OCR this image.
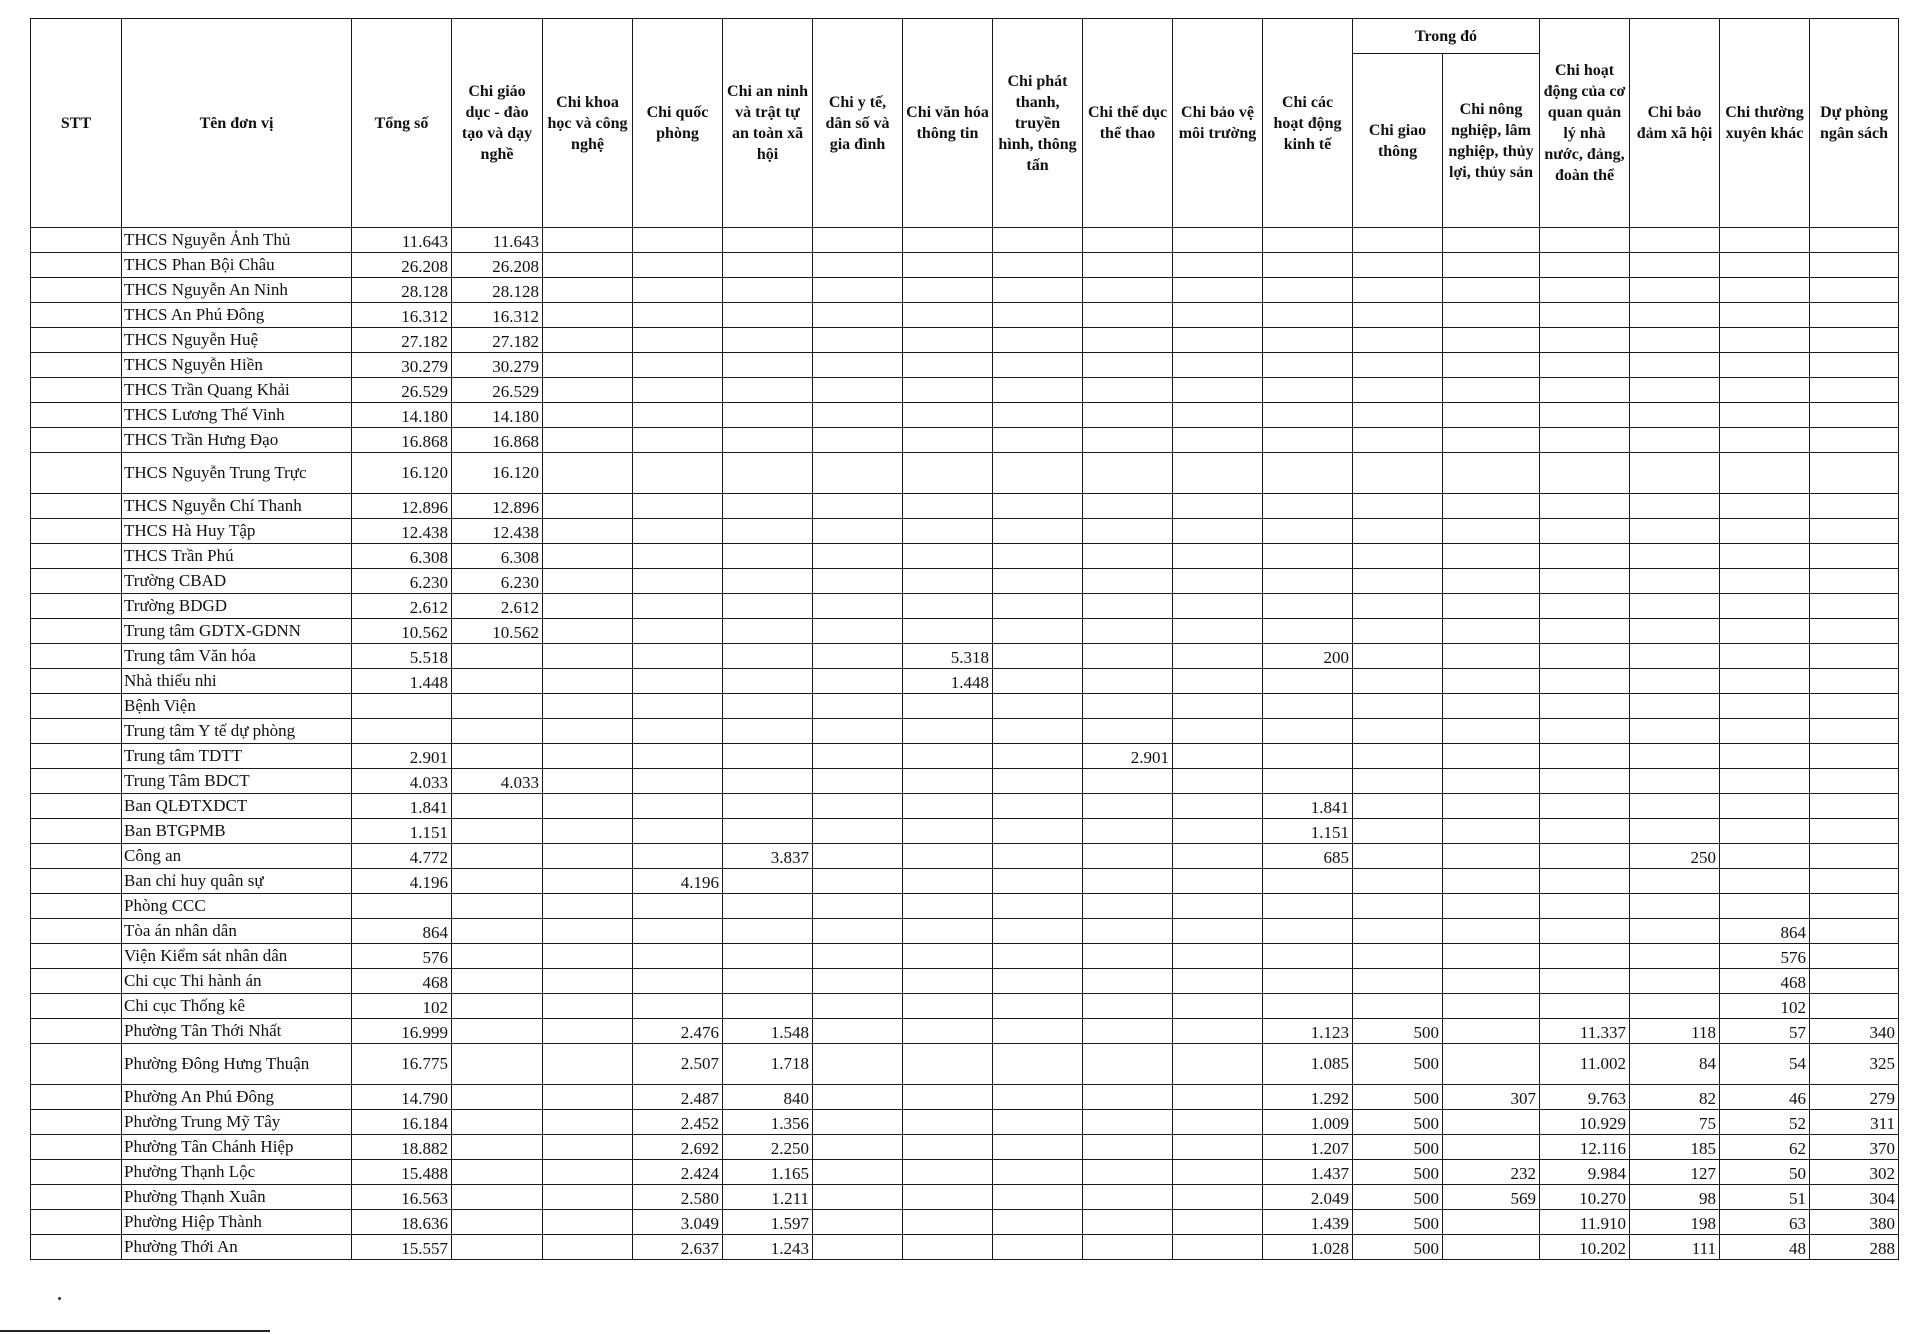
STT	Tên đơn vị	Tổng số	Chi giáo dục - đào tạo và dạy nghề	Chi khoa học và công nghệ	Chi quốc phòng	Chi an ninh và trật tự an toàn xã hội	Chi y tế, dân số và gia đình	Chi văn hóa thông tin	Chi phát thanh, truyền hình, thông tấn	Chi thể dục thể thao	Chi bảo vệ môi trường	Chi các hoạt động kinh tế	Trong đó		Chi hoạt động của cơ quan quản lý nhà nước, đảng, đoàn thể	Chi bảo đảm xã hội	Chi thường xuyên khác	Dự phòng ngân sách	
													Chi giao thông	Chi nông nghiệp, lâm nghiệp, thủy lợi, thủy sản					
	THCS Nguyễn Ảnh Thủ	11.643	11.643																
	THCS Phan Bội Châu	26.208	26.208																
	THCS Nguyễn An Ninh	28.128	28.128																
	THCS An Phú Đông	16.312	16.312																
	THCS Nguyễn Huệ	27.182	27.182																
	THCS Nguyễn Hiền	30.279	30.279																
	THCS Trần Quang Khải	26.529	26.529																
	THCS Lương Thế Vinh	14.180	14.180																
	THCS Trần Hưng Đạo	16.868	16.868																
	THCS Nguyễn Trung Trực	16.120	16.120																
	THCS Nguyễn Chí Thanh	12.896	12.896																
	THCS Hà Huy Tập	12.438	12.438																
	THCS Trần Phú	6.308	6.308																
	Trường CBAD	6.230	6.230																
	Trường BDGD	2.612	2.612																
	Trung tâm GDTX-GDNN	10.562	10.562																
	Trung tâm Văn hóa	5.518						5.318				200							
	Nhà thiếu nhi	1.448						1.448											
	Bệnh Viện																		
	Trung tâm Y tế dự phòng																		
	Trung tâm TDTT	2.901								2.901									
	Trung Tâm BDCT	4.033	4.033																
	Ban QLĐTXDCT	1.841										1.841							
	Ban BTGPMB	1.151										1.151							
	Công an	4.772				3.837						685				250			
	Ban chỉ huy quân sự	4.196			4.196														
	Phòng CCC																		
	Tòa án nhân dân	864															864		
	Viện Kiểm sát nhân dân	576															576		
	Chi cục Thi hành án	468															468		
	Chi cục Thống kê	102															102		
	Phường Tân Thới Nhất	16.999			2.476	1.548						1.123	500		11.337	118	57	340	
	Phường Đông Hưng Thuận	16.775			2.507	1.718						1.085	500		11.002	84	54	325	
	Phường An Phú Đông	14.790			2.487	840						1.292	500	307	9.763	82	46	279	
	Phường Trung Mỹ Tây	16.184			2.452	1.356						1.009	500		10.929	75	52	311	
	Phường Tân Chánh Hiệp	18.882			2.692	2.250						1.207	500		12.116	185	62	370	
	Phường Thạnh Lộc	15.488			2.424	1.165						1.437	500	232	9.984	127	50	302	
	Phường Thạnh Xuân	16.563			2.580	1.211						2.049	500	569	10.270	98	51	304	
	Phường Hiệp Thành	18.636			3.049	1.597						1.439	500		11.910	198	63	380	
	Phường Thới An	15.557			2.637	1.243						1.028	500		10.202	111	48	288	
